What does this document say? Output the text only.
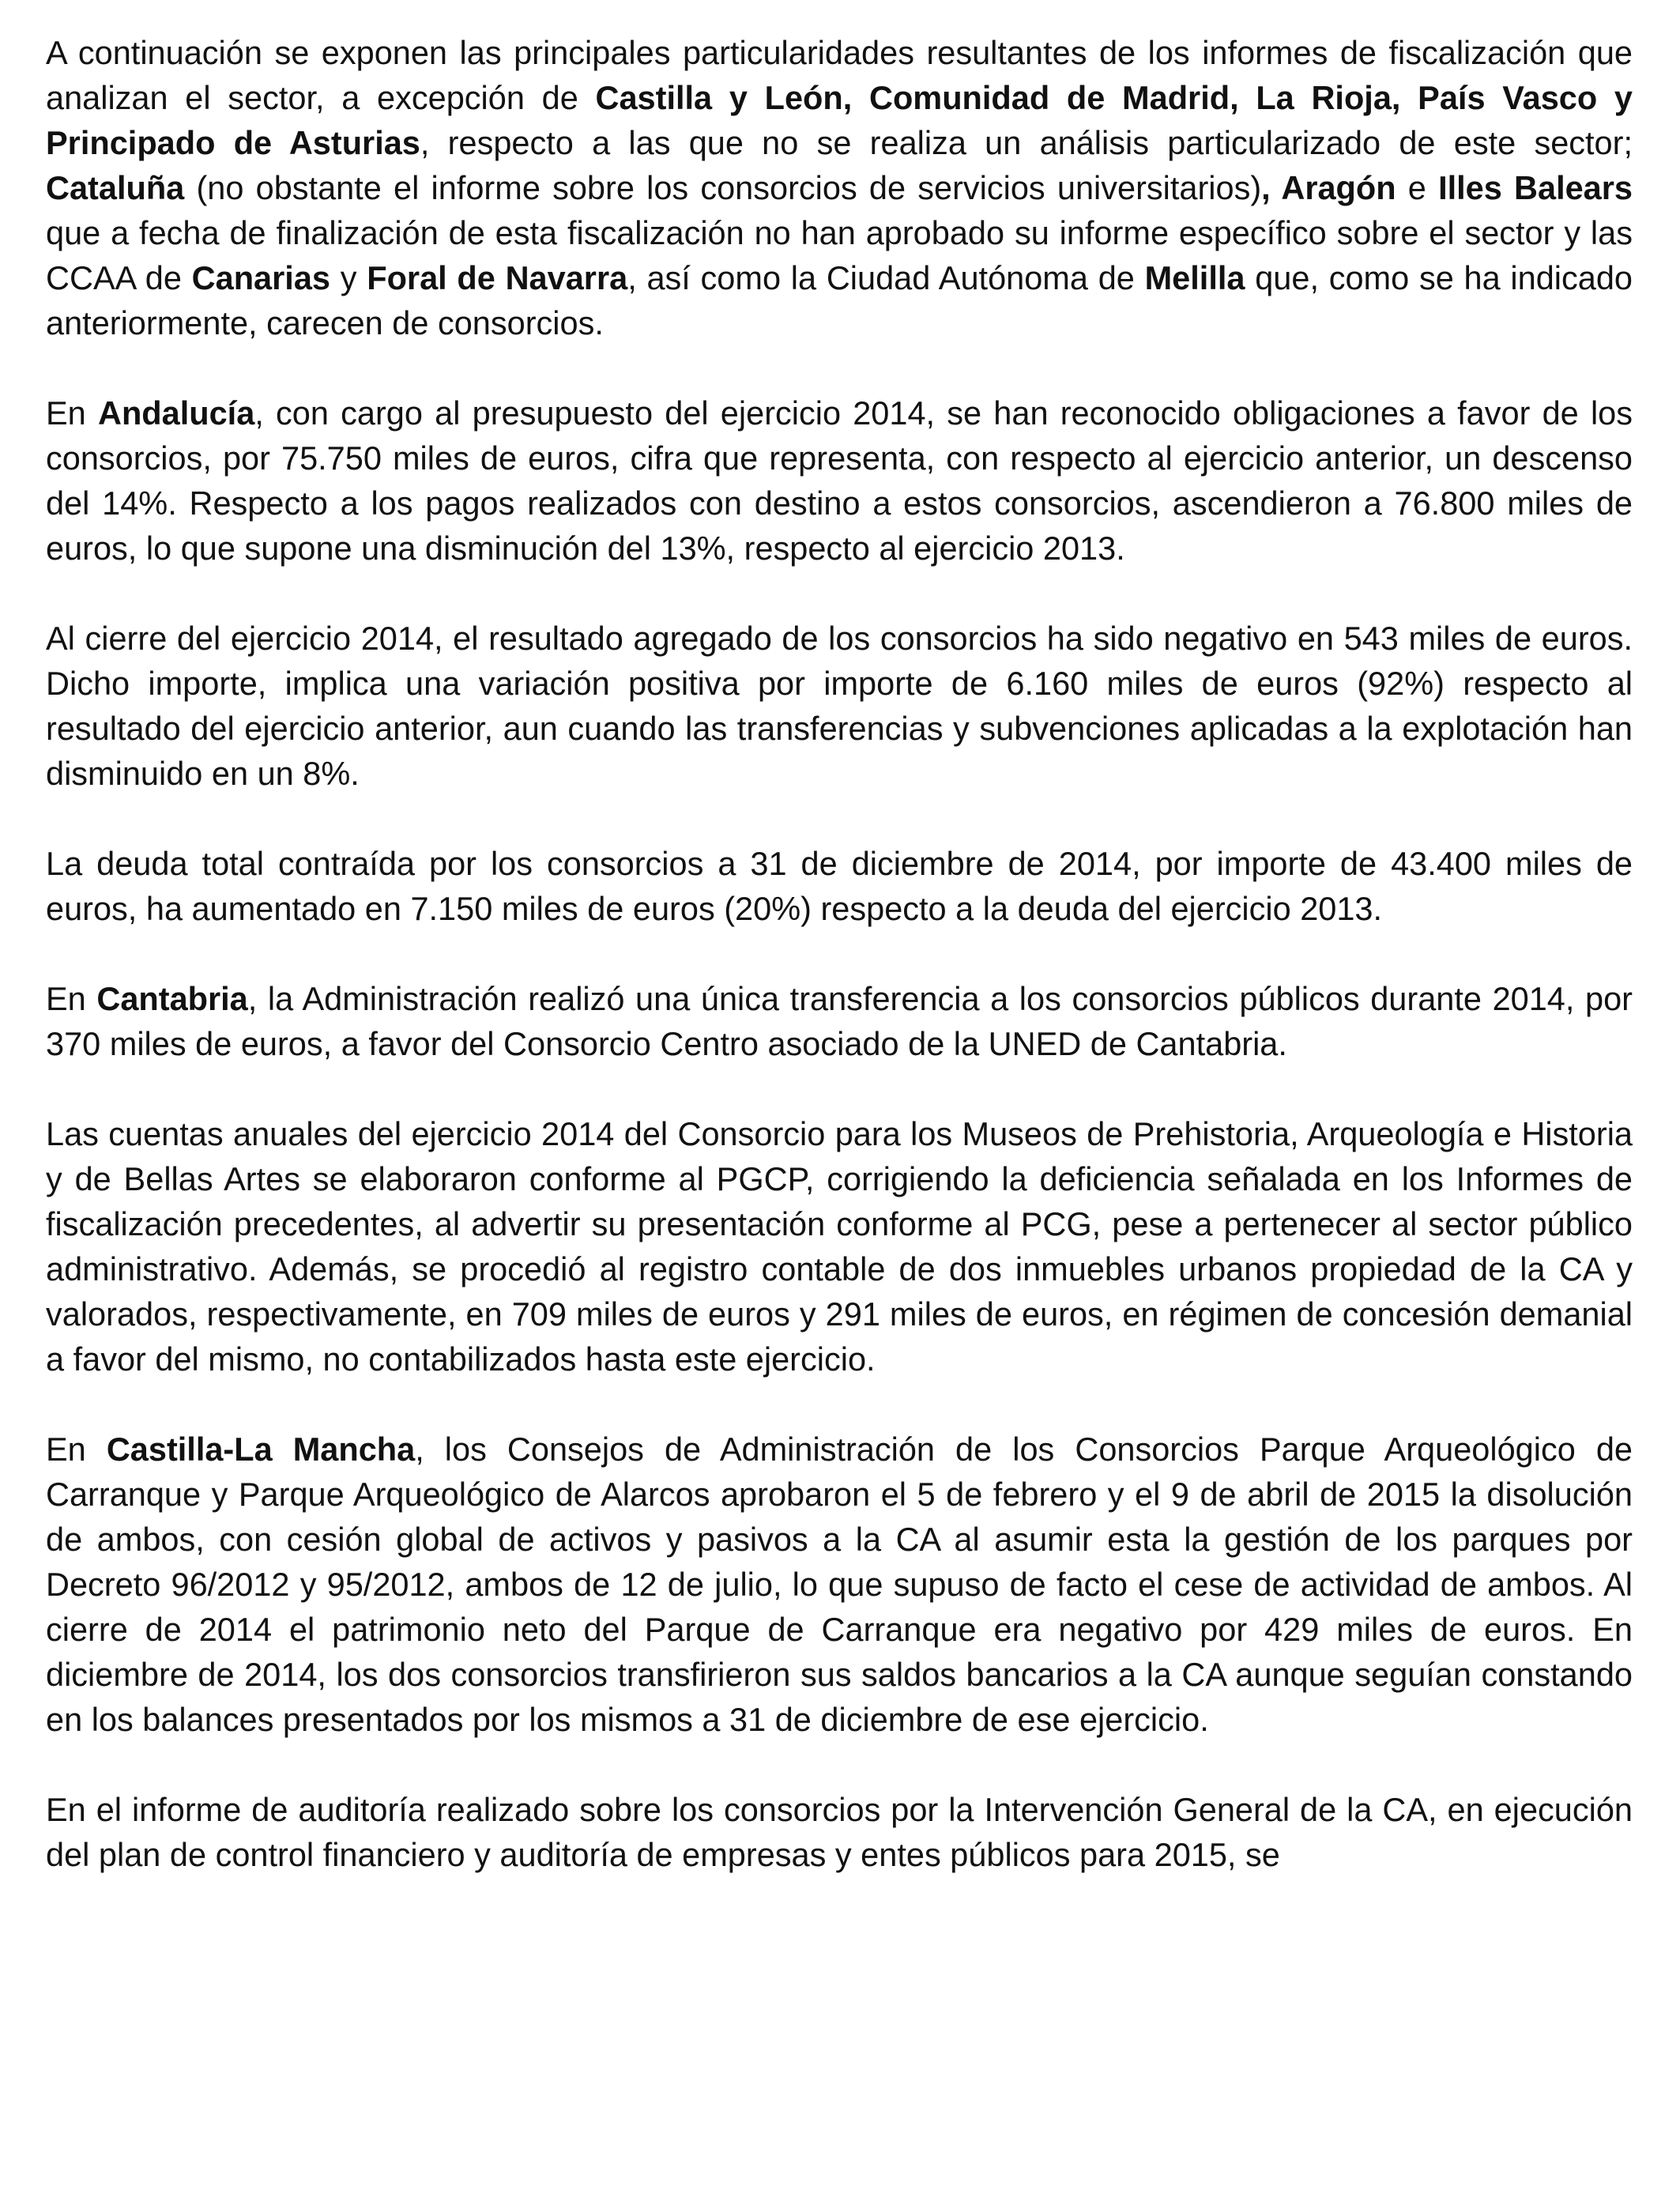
A continuación se exponen las principales particularidades resultantes de los informes de fiscalización que analizan el sector, a excepción de Castilla y León, Comunidad de Madrid, La Rioja, País Vasco y Principado de Asturias, respecto a las que no se realiza un análisis particularizado de este sector; Cataluña (no obstante el informe sobre los consorcios de servicios universitarios), Aragón e Illes Balears que a fecha de finalización de esta fiscalización no han aprobado su informe específico sobre el sector y las CCAA de Canarias y Foral de Navarra, así como la Ciudad Autónoma de Melilla que, como se ha indicado anteriormente, carecen de consorcios.

En Andalucía, con cargo al presupuesto del ejercicio 2014, se han reconocido obligaciones a favor de los consorcios, por 75.750 miles de euros, cifra que representa, con respecto al ejercicio anterior, un descenso del 14%. Respecto a los pagos realizados con destino a estos consorcios, ascendieron a 76.800 miles de euros, lo que supone una disminución del 13%, respecto al ejercicio 2013.

Al cierre del ejercicio 2014, el resultado agregado de los consorcios ha sido negativo en 543 miles de euros. Dicho importe, implica una variación positiva por importe de 6.160 miles de euros (92%) respecto al resultado del ejercicio anterior, aun cuando las transferencias y subvenciones aplicadas a la explotación han disminuido en un 8%.

La deuda total contraída por los consorcios a 31 de diciembre de 2014, por importe de 43.400 miles de euros, ha aumentado en 7.150 miles de euros (20%) respecto a la deuda del ejercicio 2013.

En Cantabria, la Administración realizó una única transferencia a los consorcios públicos durante 2014, por 370 miles de euros, a favor del Consorcio Centro asociado de la UNED de Cantabria.

Las cuentas anuales del ejercicio 2014 del Consorcio para los Museos de Prehistoria, Arqueología e Historia y de Bellas Artes se elaboraron conforme al PGCP, corrigiendo la deficiencia señalada en los Informes de fiscalización precedentes, al advertir su presentación conforme al PCG, pese a pertenecer al sector público administrativo. Además, se procedió al registro contable de dos inmuebles urbanos propiedad de la CA y valorados, respectivamente, en 709 miles de euros y 291 miles de euros, en régimen de concesión demanial a favor del mismo, no contabilizados hasta este ejercicio.

En Castilla-La Mancha, los Consejos de Administración de los Consorcios Parque Arqueológico de Carranque y Parque Arqueológico de Alarcos aprobaron el 5 de febrero y el 9 de abril de 2015 la disolución de ambos, con cesión global de activos y pasivos a la CA al asumir esta la gestión de los parques por Decreto 96/2012 y 95/2012, ambos de 12 de julio, lo que supuso de facto el cese de actividad de ambos. Al cierre de 2014 el patrimonio neto del Parque de Carranque era negativo por 429 miles de euros. En diciembre de 2014, los dos consorcios transfirieron sus saldos bancarios a la CA aunque seguían constando en los balances presentados por los mismos a 31 de diciembre de ese ejercicio.

En el informe de auditoría realizado sobre los consorcios por la Intervención General de la CA, en ejecución del plan de control financiero y auditoría de empresas y entes públicos para 2015, se
